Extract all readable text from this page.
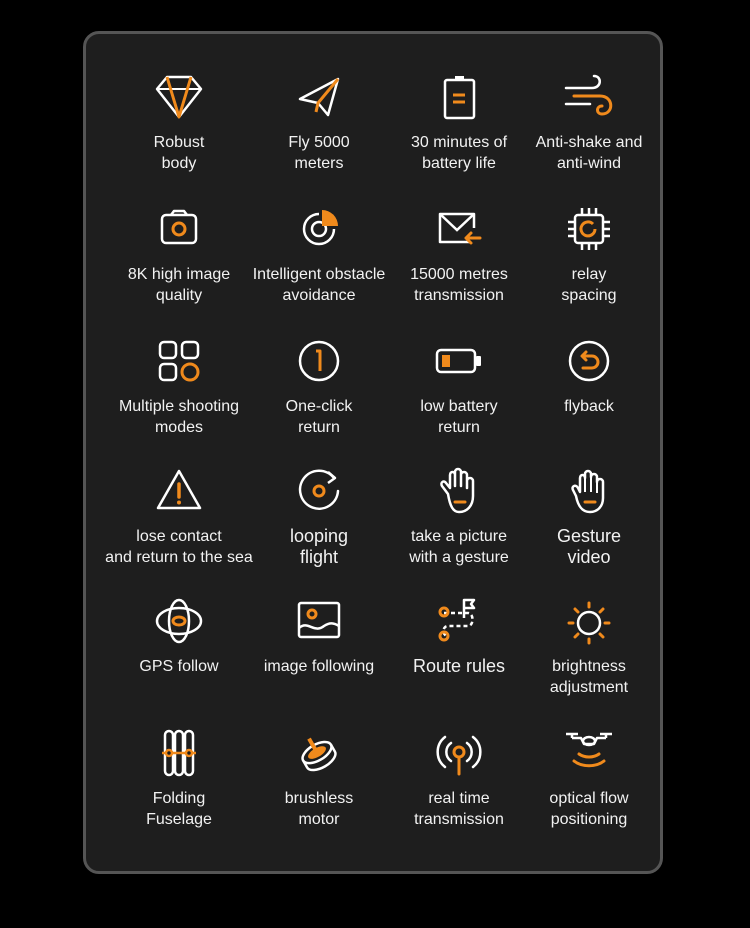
Robust
body
Fly 5000
meters
30 minutes of
battery life
Anti-shake and
anti-wind
8K high image
quality
Intelligent obstacle
avoidance
15000 metres
transmission
relay
spacing
Multiple shooting
modes
One-click
return
low battery
return
flyback
lose contact
and return to the sea
looping
flight
take a picture
with a gesture
Gesture
video
GPS follow	image following Route rules	brightness
adjustment
Folding
Fuselage
brushless
motor
real time
transmission
optical flow
positioning
